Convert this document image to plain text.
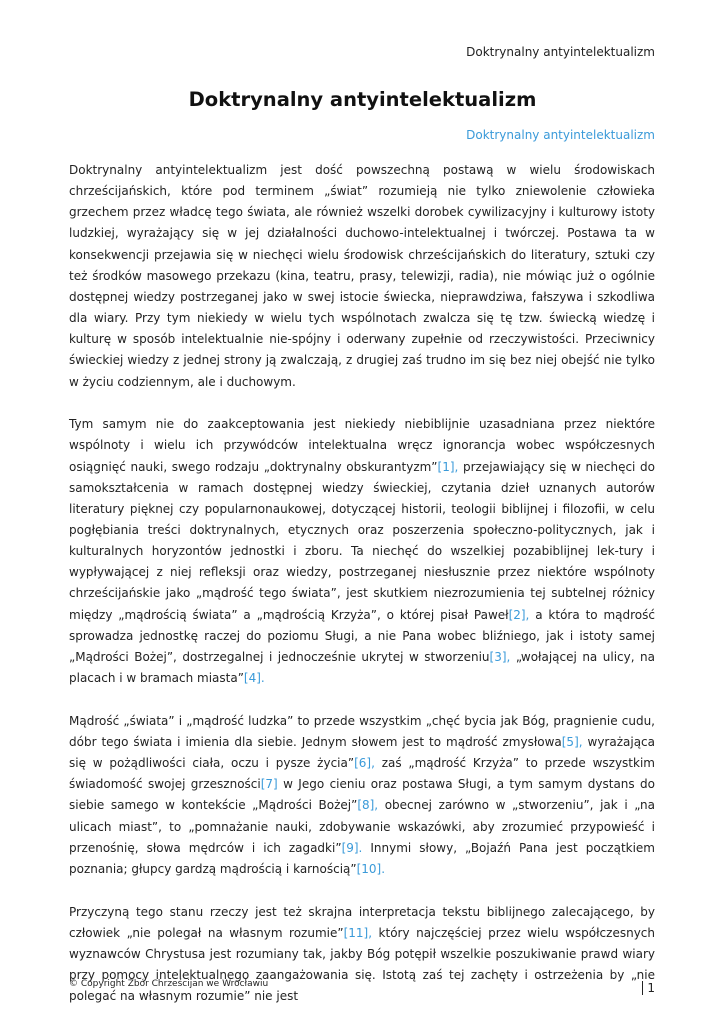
Doktrynalny antyintelektualizm
Doktrynalny antyintelektualizm
Doktrynalny antyintelektualizm

Doktrynalny antyintelektualizm jest dość powszechną postawą w wielu środowiskach chrześcijańskich, które pod terminem „świat” rozumieją nie tylko zniewolenie człowieka grzechem przez władcę tego świata, ale również wszelki dorobek cywilizacyjny i kulturowy istoty ludzkiej, wyrażający się w jej działalności duchowo-intelektualnej i twórczej. Postawa ta w konsekwencji przejawia się w niechęci wielu środowisk chrześcijańskich do literatury, sztuki czy też środków masowego przekazu (kina, teatru, prasy, telewizji, radia), nie mówiąc już o ogólnie dostępnej wiedzy postrzeganej jako w swej istocie świecka, nieprawdziwa, fałszywa i szkodliwa dla wiary. Przy tym niekiedy w wielu tych wspólnotach zwalcza się tę tzw. świecką wiedzę i kulturę w sposób intelektualnie nie-spójny i oderwany zupełnie od rzeczywistości. Przeciwnicy świeckiej wiedzy z jednej strony ją zwalczają, z drugiej zaś trudno im się bez niej obejść nie tylko w życiu codziennym, ale i duchowym.

Tym samym nie do zaakceptowania jest niekiedy niebiblijnie uzasadniana przez niektóre wspólnoty i wielu ich przywódców intelektualna wręcz ignorancja wobec współczesnych osiągnięć nauki, swego rodzaju „doktrynalny obskurantyzm”[1], przejawiający się w niechęci do samokształcenia w ramach dostępnej wiedzy świeckiej, czytania dzieł uznanych autorów literatury pięknej czy popularnonaukowej, dotyczącej historii, teologii biblijnej i filozofii, w celu pogłębiania treści doktrynalnych, etycznych oraz poszerzenia społeczno-politycznych, jak i kulturalnych horyzontów jednostki i zboru. Ta niechęć do wszelkiej pozabiblijnej lek-tury i wypływającej z niej refleksji oraz wiedzy, postrzeganej niesłusznie przez niektóre wspólnoty chrześcijańskie jako „mądrość tego świata”, jest skutkiem niezrozumienia tej subtelnej różnicy między „mądrością świata” a „mądrością Krzyża”, o której pisał Paweł[2], a która to mądrość sprowadza jednostkę raczej do poziomu Sługi, a nie Pana wobec bliźniego, jak i istoty samej „Mądrości Bożej”, dostrzegalnej i jednocześnie ukrytej w stworzeniu[3], „wołającej na ulicy, na placach i w bramach miasta”[4].

Mądrość „świata” i „mądrość ludzka” to przede wszystkim „chęć bycia jak Bóg, pragnienie cudu, dóbr tego świata i imienia dla siebie. Jednym słowem jest to mądrość zmysłowa[5], wyrażająca się w pożądliwości ciała, oczu i pysze życia”[6], zaś „mądrość Krzyża” to przede wszystkim świadomość swojej grzeszności[7] w Jego cieniu oraz postawa Sługi, a tym samym dystans do siebie samego w kontekście „Mądrości Bożej”[8], obecnej zarówno w „stworzeniu”, jak i „na ulicach miast”, to „pomnażanie nauki, zdobywanie wskazówki, aby zrozumieć przypowieść i przenośnię, słowa mędrców i ich zagadki”[9]. Innymi słowy, „Bojaźń Pana jest początkiem poznania; głupcy gardzą mądrością i karnością”[10].

Przyczyną tego stanu rzeczy jest też skrajna interpretacja tekstu biblijnego zalecającego, by człowiek „nie polegał na własnym rozumie”[11], który najczęściej przez wielu współczesnych wyznawców Chrystusa jest rozumiany tak, jakby Bóg potępił wszelkie poszukiwanie prawd wiary przy pomocy intelektualnego zaangażowania się. Istotą zaś tej zachęty i ostrzeżenia by „nie polegać na własnym rozumie” nie jest

© Copyright Zbór Chrześcijan we Wrocławiu	1
